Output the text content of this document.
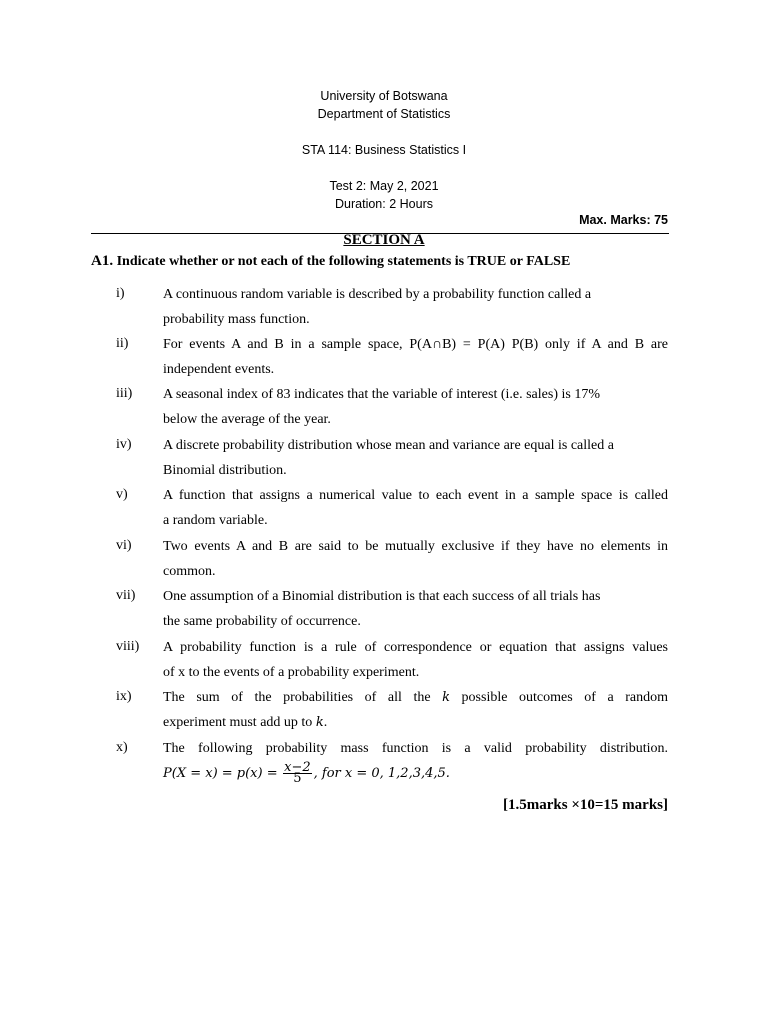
University of Botswana
Department of Statistics
STA 114: Business Statistics I
Test 2: May 2, 2021
Duration: 2 Hours
Max. Marks: 75
SECTION A
A1. Indicate whether or not each of the following statements is TRUE or FALSE
i)	A continuous random variable is described by a probability function called a
probability mass function.
ii) For events A and B in a sample space, P(A∩B) = P(A) P(B) only if A and B are
independent events.
iii) A seasonal index of 83 indicates that the variable of interest (i.e. sales) is 17%
below the average of the year.
iv) A discrete probability distribution whose mean and variance are equal is called a
Binomial distribution.
v)	A function that assigns a numerical value to each event in a sample space is called
a random variable.
vi) Two events A and B are said to be mutually exclusive if they have no elements in
common.
vii) One assumption of a Binomial distribution is that each success of all trials has
the same probability of occurrence.
viii) A probability function is a rule of correspondence or equation that assigns values
of x to the events of a probability experiment.
ix) The sum of the probabilities of all the k possible outcomes of a random
experiment must add up to k.
x)	The following probability mass function is a valid probability distribution.
$P(X = x) = p(x) = \frac{x-2}{5}$ , for x = 0, 1,2,3,4,5.
[1.5marks ×10=15 marks]
